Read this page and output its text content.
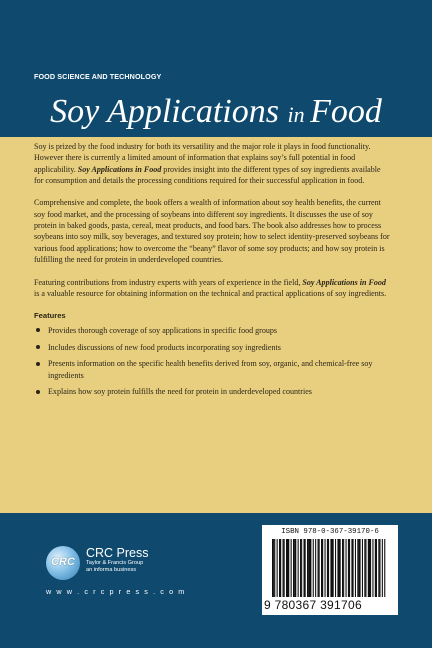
FOOD SCIENCE AND TECHNOLOGY
Soy Applications in Food

Soy is prized by the food industry for both its versatility and the major role it plays in food functionality. However there is currently a limited amount of information that explains soy’s full potential in food applicability. Soy Applications in Food provides insight into the different types of soy ingredients available for consumption and details the processing conditions required for their successful application in food.

Comprehensive and complete, the book offers a wealth of information about soy health benefits, the current soy food market, and the processing of soybeans into different soy ingredients. It discusses the use of soy protein in baked goods, pasta, cereal, meat products, and food bars. The book also addresses how to process soybeans into soy milk, soy beverages, and textured soy protein; how to select identity-preserved soybeans for various food applications; how to overcome the “beany” flavor of some soy products; and how soy protein is fulfilling the need for protein in underdeveloped countries.

Featuring contributions from industry experts with years of experience in the field, Soy Applications in Food is a valuable resource for obtaining information on the technical and practical applications of soy ingredients.

Features
Provides thorough coverage of soy applications in specific food groups
Includes discussions of new food products incorporating soy ingredients
Presents information on the specific health benefits derived from soy, organic, and chemical-free soy ingredients
Explains how soy protein fulfills the need for protein in underdeveloped countries
CRC
CRC Press
Taylor & Francis Group
an informa business
w w w . c r c p r e s s . c o m
ISBN 978-0-367-39170-6
9 780367 391706
